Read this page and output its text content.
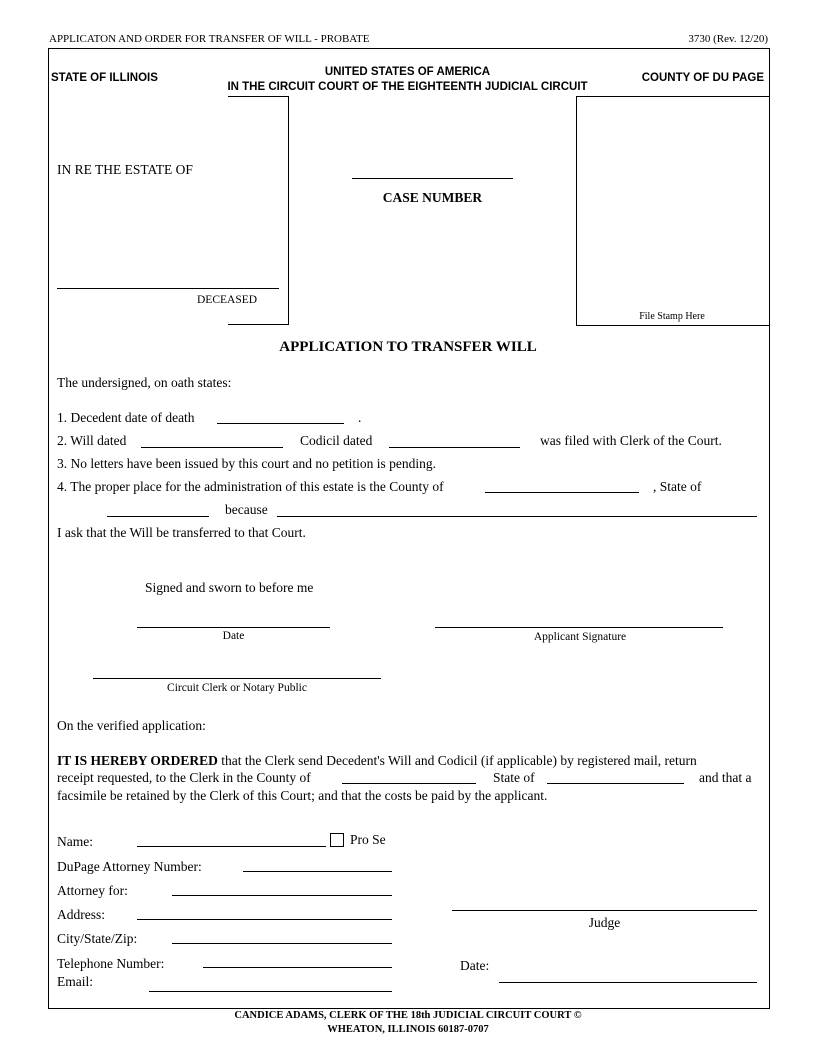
APPLICATON AND ORDER FOR TRANSFER OF WILL - PROBATE	3730 (Rev. 12/20)
STATE OF ILLINOIS	UNITED STATES OF AMERICA
IN THE CIRCUIT COURT OF THE EIGHTEENTH JUDICIAL CIRCUIT
COUNTY OF DU PAGE
IN RE THE ESTATE OF
DECEASED
CASE NUMBER
File Stamp Here
APPLICATION TO TRANSFER WILL
The undersigned, on oath states:
1. Decedent date of death	.
2. Will dated	Codicil dated	was filed with Clerk of the Court.
3. No letters have been issued by this court and no petition is pending.
4. The proper place for the administration of this estate is the County of	, State of
because
I ask that the Will be transferred to that Court.
Signed and sworn to before me
Date	Applicant Signature
Circuit Clerk or Notary Public
On the verified application:
IT IS HEREBY ORDERED that the Clerk send Decedent's Will and Codicil (if applicable) by registered mail, return
receipt requested, to the Clerk in the County of	State of	and that a
facsimile be retained by the Clerk of this Court; and that the costs be paid by the applicant.
Name:	Pro Se
DuPage Attorney Number:
Attorney for:
Address:
City/State/Zip:
Telephone Number:
Email:
Judge
Date:
CANDICE ADAMS, CLERK OF THE 18th JUDICIAL CIRCUIT COURT ©
WHEATON, ILLINOIS 60187-0707
